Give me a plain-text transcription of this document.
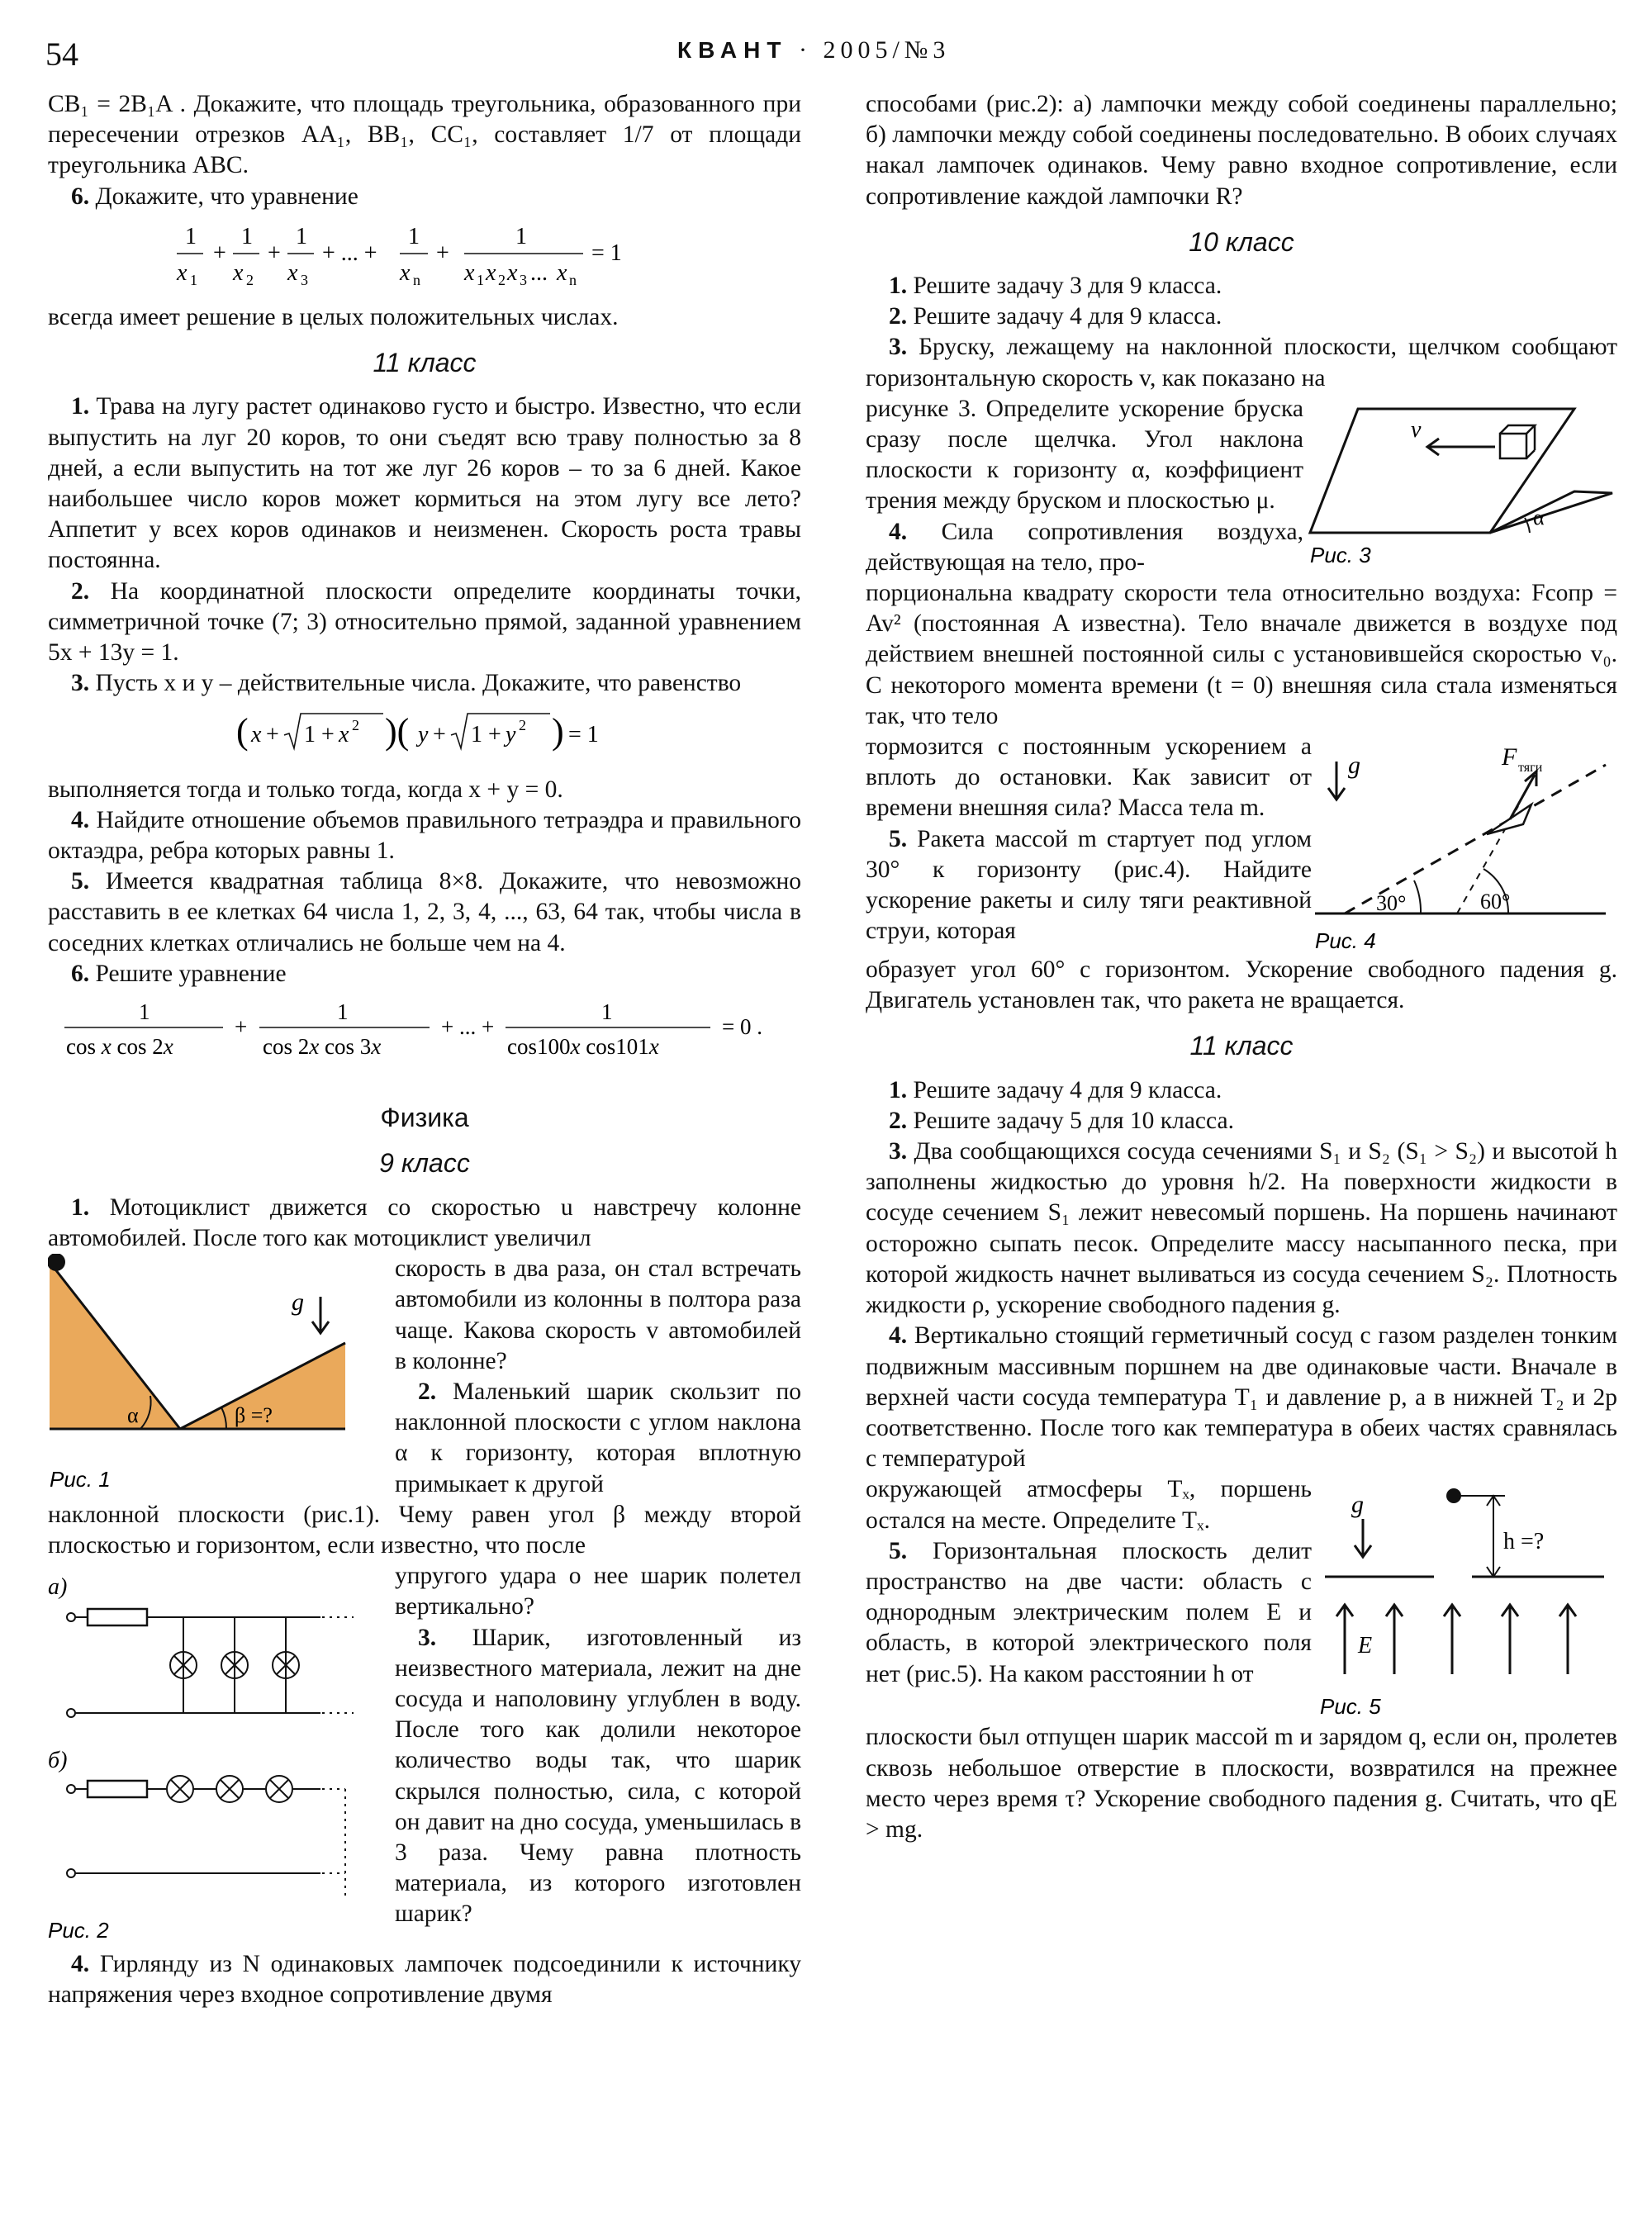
54	КВАНТ · 2005/№3

CB₁ = 2B₁A . Докажите, что площадь треугольника, образованного при пересечении отрезков AA₁, BB₁, CC₁, составляет 1/7 от площади треугольника ABC.

6. Докажите, что уравнение

1
x 1
+
1
x 2
+
1
x 3
+ ... +
1
x n
+
1
x 1 x 2 x 3 ... x n
= 1

всегда имеет решение в целых положительных числах.

11 класс

1. Трава на лугу растет одинаково густо и быстро. Известно, что если выпустить на луг 20 коров, то они съедят всю траву полностью за 8 дней, а если выпустить на тот же луг 26 коров – то за 6 дней. Какое наибольшее число коров может кормиться на этом лугу все лето? Аппетит у всех коров одинаков и неизменен. Скорость роста травы постоянна.

2. На координатной плоскости определите координаты точки, симметричной точке (7; 3) относительно прямой, заданной уравнением 5x + 13y = 1.

3. Пусть x и y – действительные числа. Докажите, что равенство

( x + 1 + x 2 )( y + 1 + y 2 ) = 1

выполняется тогда и только тогда, когда x + y = 0.

4. Найдите отношение объемов правильного тетраэдра и правильного октаэдра, ребра которых равны 1.

5. Имеется квадратная таблица 8×8. Докажите, что невозможно расставить в ее клетках 64 числа 1, 2, 3, 4, ..., 63, 64 так, чтобы числа в соседних клетках отличались не больше чем на 4.

6. Решите уравнение

1
cos x cos 2x
+
1
cos 2x cos 3x
+ ... +
1
cos100x cos101x
= 0 .
Физика
9 класс

1. Мотоциклист движется со скоростью u навстречу колонне автомобилей. После того как мотоциклист увеличил

g
α	β =?
Рис. 1

скорость в два раза, он стал встречать автомобили из колонны в полтора раза чаще. Какова скорость v автомобилей в колонне?

2. Маленький шарик скользит по наклонной плоскости с углом наклона α к горизонту, которая вплотную примыкает к другой

наклонной плоскости (рис.1). Чему равен угол β между второй плоскостью и горизонтом, если известно, что после

а)
б)
Рис. 2

упругого удара о нее шарик полетел вертикально?

3. Шарик, изготовленный из неизвестного материала, лежит на дне сосуда и наполовину углублен в воду. После того как долили некоторое количество воды так, что шарик скрылся полностью, сила, с которой он давит на дно сосуда, уменьшилась в 3 раза. Чему равна плотность материала, из которого изготовлен шарик?

4. Гирлянду из N одинаковых лампочек подсоединили к источнику напряжения через входное сопротивление двумя

способами (рис.2): а) лампочки между собой соединены параллельно; б) лампочки между собой соединены последовательно. В обоих случаях накал лампочек одинаков. Чему равно входное сопротивление, если сопротивление каждой лампочки R?

10 класс

1. Решите задачу 3 для 9 класса.

2. Решите задачу 4 для 9 класса.

3. Бруску, лежащему на наклонной плоскости, щелчком сообщают горизонтальную скорость v, как показано на

v
α
Рис. 3

рисунке 3. Определите ускорение бруска сразу после щелчка. Угол наклона плоскости к горизонту α, коэффициент трения между бруском и плоскостью μ.

4. Сила сопротивления воздуха, действующая на тело, про-

порциональна квадрату скорости тела относительно воздуха: Fсопр = Av² (постоянная A известна). Тело вначале движется в воздухе под действием внешней постоянной силы с установившейся скоростью v₀. С некоторого момента времени (t = 0) внешняя сила стала изменяться так, что тело

g	F тяги
30°	60°
Рис. 4

тормозится с постоянным ускорением a вплоть до остановки. Как зависит от времени внешняя сила? Масса тела m.

5. Ракета массой m стартует под углом 30° к горизонту (рис.4). Найдите ускорение ракеты и силу тяги реактивной струи, которая

образует угол 60° с горизонтом. Ускорение свободного падения g. Двигатель установлен так, что ракета не вращается.

11 класс

1. Решите задачу 4 для 9 класса.

2. Решите задачу 5 для 10 класса.

3. Два сообщающихся сосуда сечениями S₁ и S₂ (S₁ > S₂) и высотой h заполнены жидкостью до уровня h/2. На поверхности жидкости в сосуде сечением S₁ лежит невесомый поршень. На поршень начинают осторожно сыпать песок. Определите массу насыпанного песка, при которой жидкость начнет выливаться из сосуда сечением S₂. Плотность жидкости ρ, ускорение свободного падения g.

4. Вертикально стоящий герметичный сосуд с газом разделен тонким подвижным массивным поршнем на две одинаковые части. Вначале в верхней части сосуда температура T₁ и давление p, а в нижней T₂ и 2p соответственно. После того как температура в обеих частях сравнялась с температурой

g
h =?
E
Рис. 5

окружающей атмосферы Tₓ, поршень остался на месте. Определите Tₓ.

5. Горизонтальная плоскость делит пространство на две части: область с однородным электрическим полем E и область, в которой электрического поля нет (рис.5). На каком расстоянии h от

плоскости был отпущен шарик массой m и зарядом q, если он, пролетев сквозь небольшое отверстие в плоскости, возвратился на прежнее место через время τ? Ускорение свободного падения g. Считать, что qE > mg.
